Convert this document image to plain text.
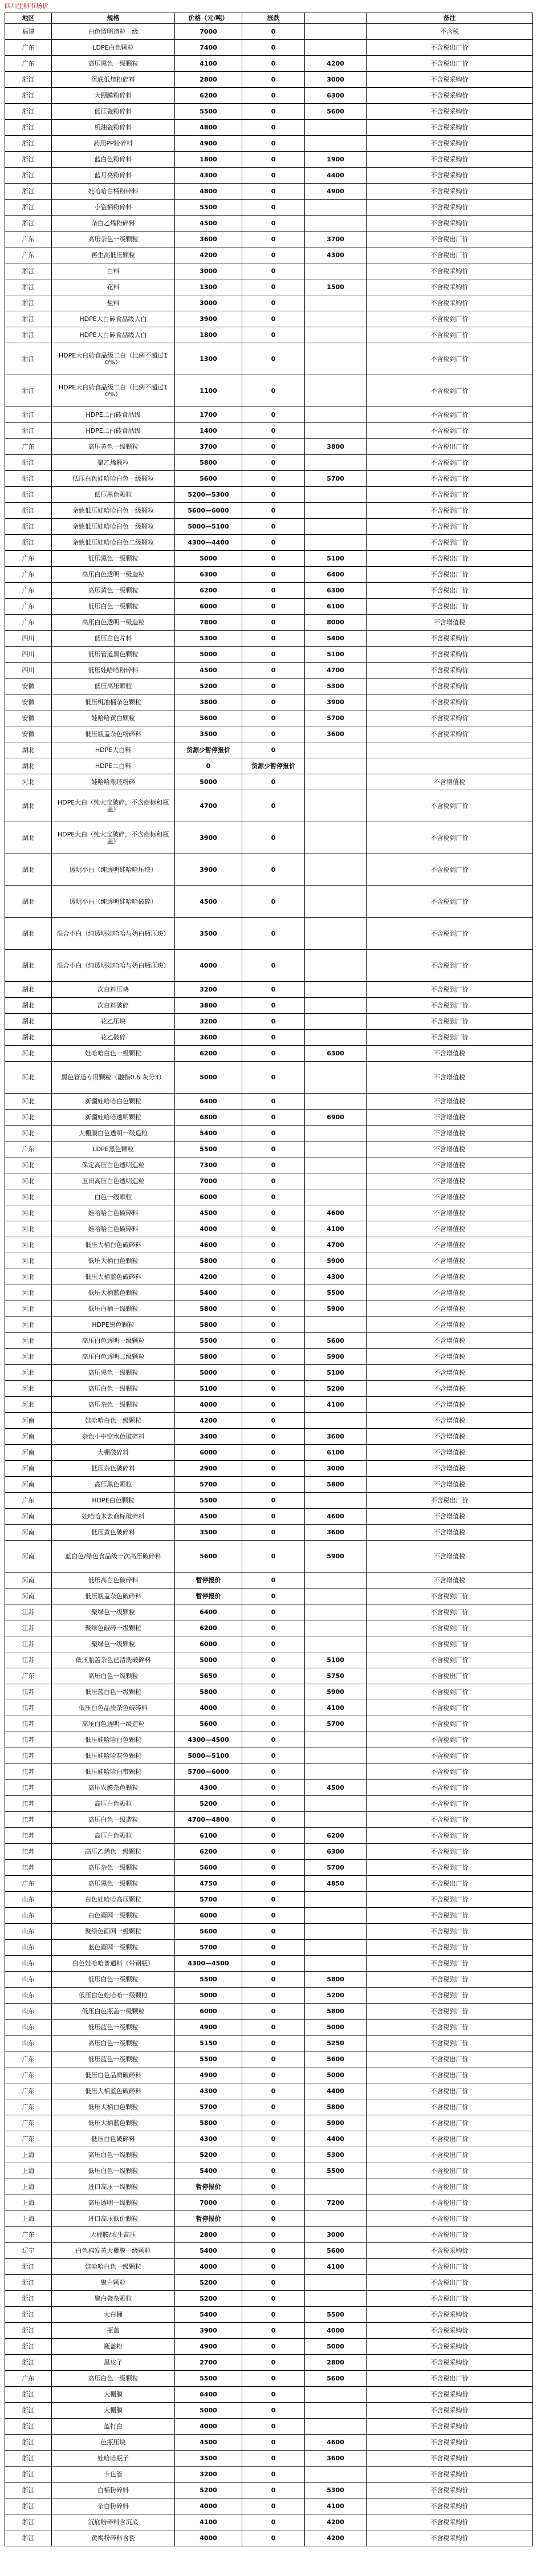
四川生料市场价
地区	规格	价格（元/吨）	涨跌		备注
福建	白色透明造粒一级	7000	0		不含税
广东	LDPE白色颗粒	7400	0		不含税出厂价
广东	高压黑色一级颗粒	4100	0	4200	不含税出厂价
浙江	沉底低熔粉碎料	2800	0	3000	不含税采购价
浙江	大棚膜粉碎料	6200	0	6300	不含税采购价
浙江	低压瓷粉碎料	5500	0	5600	不含税采购价
浙江	机油瓷粉碎料	4800	0		不含税采购价
浙江	药用PP粉碎料	4900	0		不含税采购价
浙江	蓝白色粉碎料	1800	0	1900	不含税采购价
浙江	蓝月亮粉碎料	4300	0	4400	不含税采购价
浙江	娃哈哈白桶粉碎料	4800	0	4900	不含税采购价
浙江	小瓷桶粉碎料	5500	0		不含税采购价
浙江	杂白乙烯粉碎料	4500	0		不含税采购价
广东	高压杂色一级颗粒	3600	0	3700	不含税出厂价
广东	再生高低压颗粒	4200	0	4300	不含税出厂价
浙江	白料	3000	0		不含税采购价
浙江	花料	1300	0	1500	不含税采购价
浙江	盐料	3000	0		不含税采购价
浙江	HDPE大白砖食品级大白	3900	0		不含税到厂价
浙江	HDPE大白砖食品级大白	1800	0		不含税到厂价
浙江	HDPE大白砖食品级二白（比例不超过10%）	1300	0		不含税到厂价
浙江	HDPE大白砖食品级二白（比例不超过10%）	1100	0		不含税到厂价
浙江	HDPE二白砖食品级	1700	0		不含税到厂价
浙江	HDPE二白砖食品级	1400	0		不含税到厂价
广东	高压黄色一级颗粒	3700	0	3800	不含税出厂价
浙江	聚乙烯颗粒	5800	0		不含税到厂价
浙江	低压白色娃哈哈白色一级颗粒	5600	0	5700	不含税到厂价
浙江	低压黑色颗粒	5200—5300	0		不含税到厂价
浙江	余姚低压娃哈哈白色一级颗粒	5600—6000	0		不含税到厂价
浙江	余姚低压娃哈哈白色一级颗粒	5000—5100	0		不含税到厂价
浙江	余姚低压娃哈哈白色二级颗粒	4300—4400	0		不含税到厂价
广东	低压黑色一级颗粒	5000	0	5100	不含税出厂价
广东	高压白色透明一级造粒	6300	0	6400	不含税出厂价
广东	高压黄色一级颗粒	6200	0	6300	不含税出厂价
广东	低压白色一级颗粒	6000	0	6100	不含税出厂价
广东	高压白色透明一级造粒	7800	0	8000	不含增值税
四川	低压白色片料	5300	0	5400	不含税采购价
四川	低压管道黑色颗粒	5000	0	5100	不含税采购价
四川	低压娃哈哈粉碎料	4500	0	4700	不含税采购价
安徽	低压高压颗粒	5200	0	5300	不含税采购价
安徽	低压机油桶杂色颗粒	3800	0	3900	不含税采购价
安徽	娃哈哈黄白颗粒	5600	0	5700	不含税采购价
安徽	低压瓶盖杂色粉碎料	3500	0	3600	不含税采购价
湖北	HDPE大白料	货源少暂停报价	0		
湖北	HDPE二白料	0	货源少暂停报价		
河北	娃哈哈瓶坯粉碎	5000	0		不含增值税
湖北	HDPE大白（纯大宝破碎，不含商标和瓶盖）	4700	0		不含税到厂价
湖北	HDPE大白（纯大宝破碎，不含商标和瓶盖）	3900	0		不含税到厂价
湖北	透明小白（纯透明娃哈哈压块）	3900	0		不含税到厂价
湖北	透明小白（纯透明娃哈哈破碎）	4500	0		不含税到厂价
湖北	混合小白（纯透明娃哈哈与奶白瓶压块）	3500	0		不含税到厂价
湖北	混合小白（纯透明娃哈哈与奶白瓶压块）	4000	0		不含税到厂价
湖北	次白料压块	3200	0		不含税到厂价
湖北	次白料破碎	3800	0		不含税到厂价
湖北	花乙压块	3200	0		不含税到厂价
湖北	花乙破碎	3600	0		不含税到厂价
河北	娃哈哈白色一级颗粒	6200	0	6300	不含增值税
河北	黑色管道专用颗粒（融指0.6 灰分3）	5000	0		不含增值税
河北	新疆娃哈哈白色颗粒	6400	0		不含增值税
河北	新疆娃哈哈透明颗粒	6800	0	6900	不含增值税
河北	大棚膜白色透明一级造粒	5400	0		不含增值税
广东	LDPE黑色颗粒	5500	0		不含增值税
河北	保定高压白色透明造粒	7300	0		不含增值税
河北	玉田高压白色透明造粒	7000	0		不含增值税
河北	白色一级颗粒	6000	0		不含增值税
河北	娃哈哈白色破碎料	4500	0	4600	不含增值税
河北	娃哈哈白色破碎料	4000	0	4100	不含增值税
河北	低压大桶白色破碎料	4600	0	4700	不含增值税
河北	低压大桶白色颗粒	5800	0	5900	不含增值税
河北	低压大桶蓝色破碎料	4200	0	4300	不含增值税
河北	低压大桶蓝色颗粒	5400	0	5500	不含增值税
河北	低压白桶一级颗粒	5800	0	5900	不含增值税
河北	HDPE黑色颗粒	5800	0		不含增值税
河北	高压白色透明一级颗粒	5500	0	5600	不含增值税
河北	高压白色透明二级颗粒	5800	0	5900	不含增值税
河北	高压黑色一级颗粒	5000	0	5100	不含增值税
河北	高压白色一级颗粒	5100	0	5200	不含增值税
河北	高压杂色一级颗粒	4000	0	4100	不含增值税
河南	娃哈哈白色一级颗粒	4200	0		不含增值税
河南	杂色小中空水色破碎料	3400	0	3600	不含增值税
河南	大棚破碎料	6000	0	6100	不含增值税
河南	低压杂色破碎料	2900	0	3000	不含增值税
河南	高压黑色颗粒	5700	0	5800	不含增值税
广东	HDPE白色颗粒	5500	0		不含税出厂价
河南	娃哈哈未去商标破碎料	4500	0	4600	不含增值税
河南	低压黄色破碎料	3500	0	3600	不含增值税
河南	蓝白色/绿色食品级一次高压破碎料	5600	0	5900	不含增值税
河南	低压高白色破碎料	暂停报价	0		不含增值税
河南	低压瓶盖杂色破碎料	暂停报价	0		不含税到厂价
江苏	聚绿色一级颗粒	6400	0		不含税到厂价
江苏	聚绿色破碎一级颗粒	6200	0		不含税到厂价
江苏	聚绿色一级颗粒	6000	0		不含税到厂价
江苏	低压瓶盖杂色已清洗破碎料	5000	0	5100	不含税到厂价
广东	高压白色一级颗粒	5650	0	5750	不含税出厂价
江苏	低压蓝白色一级颗粒	5800	0	5900	不含税到厂价
江苏	低压白色品质杂色破碎料	4000	0	4100	不含税到厂价
江苏	高压白色透明一级造粒	5600	0	5700	不含税到厂价
江苏	低压娃哈哈白色颗粒	4300—4500	0		不含税到厂价
江苏	低压娃哈哈灰色颗粒	5000—5100	0		不含税到厂价
江苏	低压娃哈哈白带颗粒	5700—6000	0		不含税到厂价
江苏	高压农膜杂色颗粒	4300	0	4500	不含税到厂价
江苏	高压白色颗粒	5200	0		不含税到厂价
江苏	高压白色一级造粒	4700—4800	0		不含税到厂价
江苏	高压白色颗粒	6100	0	6200	不含税到厂价
江苏	高压乙烯色一级颗粒	6200	0	6300	不含税到厂价
江苏	高压杂色一级颗粒	5600	0	5700	不含税到厂价
广东	高压黑色一级颗粒	4750	0	4850	不含税出厂价
山东	白色娃哈哈高压颗粒	5700	0		不含税到厂价
山东	白色画网一级颗粒	6000	0		不含税到厂价
山东	聚绿色画网一级颗粒	5600	0		不含税到厂价
山东	蓝色画网一级颗粒	5700	0		不含税到厂价
山东	白色娃哈哈普通料（带钢瓶）	4300—4500	0		不含税到厂价
山东	低压白色一级颗粒	5500	0	5800	不含税到厂价
山东	低压白色娃哈哈一级颗粒	5000	0	5200	不含税到厂价
山东	低压白色瓶盖一级颗粒	6000	0	5800	不含税到厂价
山东	低压蓝色一级颗粒	4900	0	5000	不含税到厂价
山东	高压白色一级颗粒	5150	0	5250	不含税到厂价
广东	低压蓝色一级颗粒	5500	0	5600	不含税出厂价
广东	低压白色品质破碎料	4900	0	5000	不含税出厂价
广东	低压大桶蓝色破碎料	4300	0	4400	不含税出厂价
广东	低压大桶白色颗粒	5700	0	5800	不含税出厂价
广东	低压大桶蓝色颗粒	5800	0	5900	不含税出厂价
广东	低压白色破碎料	4300	0	4400	不含税出厂价
上海	高压白色一级颗粒	5200	0	5300	不含税出厂价
上海	低压白色一级颗粒	5400	0	5500	不含税出厂价
上海	进口高压一级颗粒	暂停报价	0		不含税出厂价
上海	高压透明一级颗粒	7000	0	7200	不含税出厂价
上海	进口高压低价颗粒	暂停报价	0		不含税出厂价
广东	大棚膜/农生高压	2800	0	3000	不含税出厂价
辽宁	白色棉发黄大棚膜一级颗粒	5400	0	5600	不含税采购价
浙江	娃哈哈白色一级颗粒	4000	0	4100	不含税出厂价
浙江	聚白颗粒	5200	0		不含税出厂价
浙江	聚白瓷杂颗粒	5200	0		不含税出厂价
浙江	大白桶	5400	0	5500	不含税采购价
浙江	瓶盖	3900	0	4000	不含税采购价
浙江	瓶盖粉	4900	0	5000	不含税采购价
浙江	黑皮子	2700	0	2800	不含税采购价
广东	高压白色一级颗粒	5500	0	5600	不含税出厂价
浙江	大棚膜	6400	0		不含税采购价
浙江	大棚膜	5000	0		不含税采购价
浙江	蓝打白	4000	0		不含税采购价
浙江	色瓶压块	4500	0	4600	不含税采购价
浙江	娃哈哈瓶子	3500	0	3600	不含税采购价
浙江	卡色管	3200	0		不含税采购价
浙江	白桶粉碎料	5200	0	5300	不含税采购价
浙江	杂白粉碎料	4000	0	4100	不含税采购价
浙江	沉底粉碎料含沉底	4100	0	4200	不含税采购价
浙江	黄褐粉碎料含瓷	4000	0	4200	不含税采购价
